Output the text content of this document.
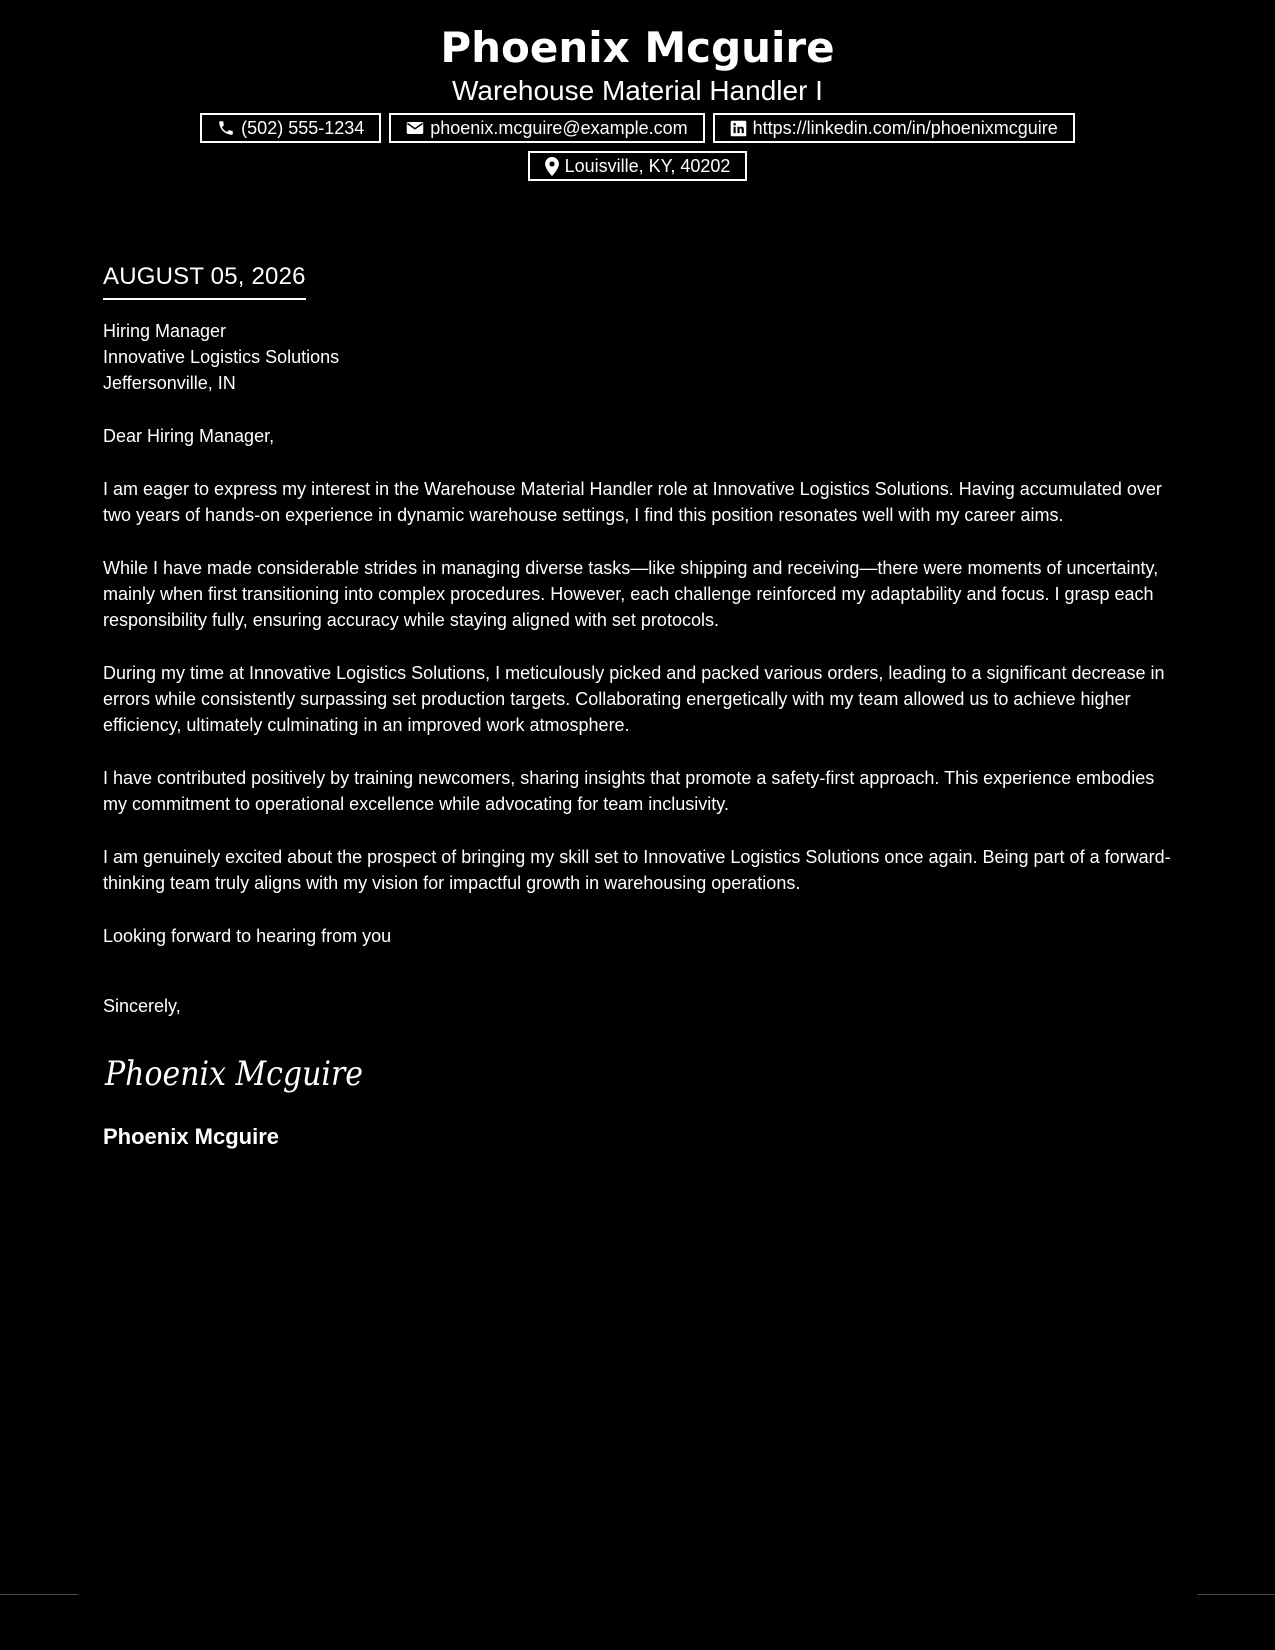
Phoenix Mcguire
Warehouse Material Handler I
(502) 555-1234	phoenix.mcguire@example.com	https://linkedin.com/in/phoenixmcguire
Louisville, KY, 40202
AUGUST 05, 2026
Hiring Manager
Innovative Logistics Solutions
Jeffersonville, IN
Dear Hiring Manager,

I am eager to express my interest in the Warehouse Material Handler role at Innovative Logistics Solutions. Having accumulated over two years of hands-on experience in dynamic warehouse settings, I find this position resonates well with my career aims.

While I have made considerable strides in managing diverse tasks—like shipping and receiving—there were moments of uncertainty, mainly when first transitioning into complex procedures. However, each challenge reinforced my adaptability and focus. I grasp each responsibility fully, ensuring accuracy while staying aligned with set protocols.

During my time at Innovative Logistics Solutions, I meticulously picked and packed various orders, leading to a significant decrease in errors while consistently surpassing set production targets. Collaborating energetically with my team allowed us to achieve higher efficiency, ultimately culminating in an improved work atmosphere.

I have contributed positively by training newcomers, sharing insights that promote a safety-first approach. This experience embodies my commitment to operational excellence while advocating for team inclusivity.

I am genuinely excited about the prospect of bringing my skill set to Innovative Logistics Solutions once again. Being part of a forward-thinking team truly aligns with my vision for impactful growth in warehousing operations.

Looking forward to hearing from you
Sincerely,
Phoenix Mcguire
Phoenix Mcguire
